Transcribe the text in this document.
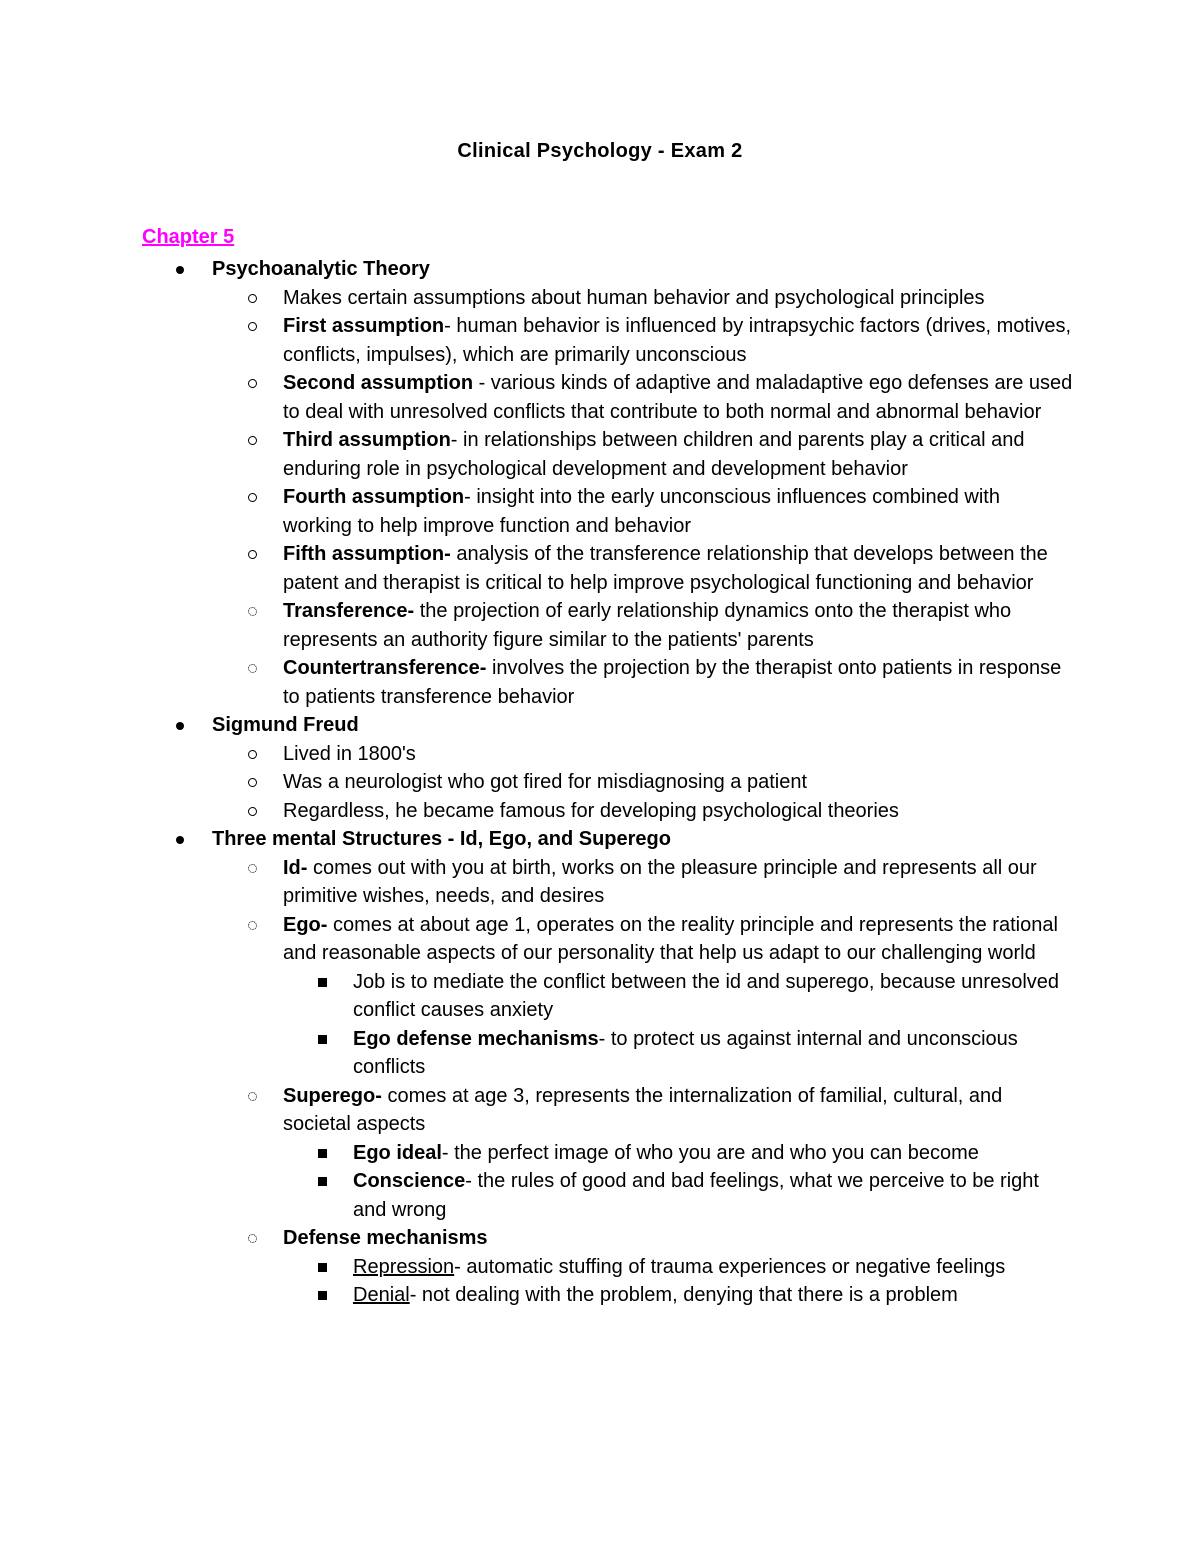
Clinical Psychology - Exam 2
Chapter 5
Psychoanalytic Theory
Makes certain assumptions about human behavior and psychological principles
First assumption- human behavior is influenced by intrapsychic factors (drives, motives, conflicts, impulses), which are primarily unconscious
Second assumption - various kinds of adaptive and maladaptive ego defenses are used to deal with unresolved conflicts that contribute to both normal and abnormal behavior
Third assumption- in relationships between children and parents play a critical and enduring role in psychological development and development behavior
Fourth assumption- insight into the early unconscious influences combined with working to help improve function and behavior
Fifth assumption- analysis of the transference relationship that develops between the patent and therapist is critical to help improve psychological functioning and behavior
Transference- the projection of early relationship dynamics onto the therapist who represents an authority figure similar to the patients' parents
Countertransference- involves the projection by the therapist onto patients in response to patients transference behavior
Sigmund Freud
Lived in 1800's
Was a neurologist who got fired for misdiagnosing a patient
Regardless, he became famous for developing psychological theories
Three mental Structures - Id, Ego, and Superego
Id- comes out with you at birth, works on the pleasure principle and represents all our primitive wishes, needs, and desires
Ego- comes at about age 1, operates on the reality principle and represents the rational and reasonable aspects of our personality that help us adapt to our challenging world
Job is to mediate the conflict between the id and superego, because unresolved conflict causes anxiety
Ego defense mechanisms- to protect us against internal and unconscious conflicts
Superego- comes at age 3, represents the internalization of familial, cultural, and societal aspects
Ego ideal- the perfect image of who you are and who you can become
Conscience- the rules of good and bad feelings, what we perceive to be right and wrong
Defense mechanisms
Repression- automatic stuffing of trauma experiences or negative feelings
Denial- not dealing with the problem, denying that there is a problem
